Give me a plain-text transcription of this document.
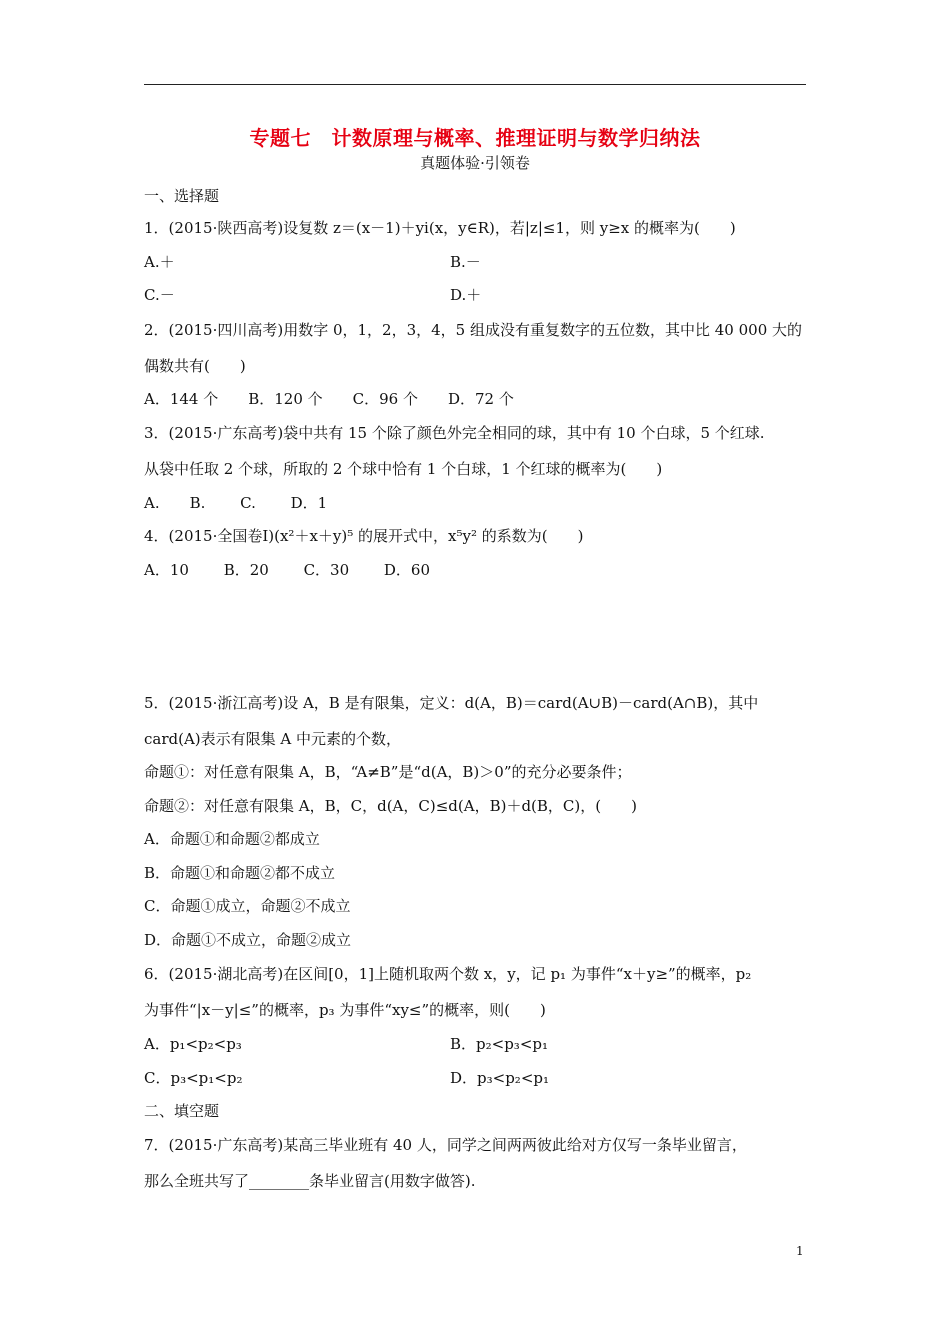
专题七　计数原理与概率、推理证明与数学归纳法
真题体验·引领卷
一、选择题
1．(2015·陕西高考)设复数 z＝(x－1)＋yi(x，y∈R)，若|z|≤1，则 y≥x 的概率为(　　)
A.＋	B.－
C.－	D.＋
2．(2015·四川高考)用数字 0，1，2，3，4，5 组成没有重复数字的五位数，其中比 40 000 大的
偶数共有(　　)
A．144 个　　B．120 个　　C．96 个　　D．72 个
3．(2015·广东高考)袋中共有 15 个除了颜色外完全相同的球，其中有 10 个白球，5 个红球.
从袋中任取 2 个球，所取的 2 个球中恰有 1 个白球，1 个红球的概率为(　　)
A.　　B.　　 C.　　 D．1
4．(2015·全国卷Ⅰ)(x²＋x＋y)⁵ 的展开式中，x⁵y² 的系数为(　　)
A．10　　 B．20　　 C．30　　 D．60
5．(2015·浙江高考)设 A，B 是有限集，定义：d(A，B)＝card(A∪B)－card(A∩B)，其中
card(A)表示有限集 A 中元素的个数，
命题①：对任意有限集 A，B，“A≠B”是“d(A，B)＞0”的充分必要条件；
命题②：对任意有限集 A，B，C，d(A，C)≤d(A，B)＋d(B，C)，(　　)
A．命题①和命题②都成立
B．命题①和命题②都不成立
C．命题①成立，命题②不成立
D．命题①不成立，命题②成立
6．(2015·湖北高考)在区间[0，1]上随机取两个数 x，y，记 p₁ 为事件“x＋y≥”的概率，p₂
为事件“|x－y|≤”的概率，p₃ 为事件“xy≤”的概率，则(　　)
A．p₁<p₂<p₃	B．p₂<p₃<p₁
C．p₃<p₁<p₂	D．p₃<p₂<p₁
二、填空题
7．(2015·广东高考)某高三毕业班有 40 人，同学之间两两彼此给对方仅写一条毕业留言，
那么全班共写了________条毕业留言(用数字做答).
1
